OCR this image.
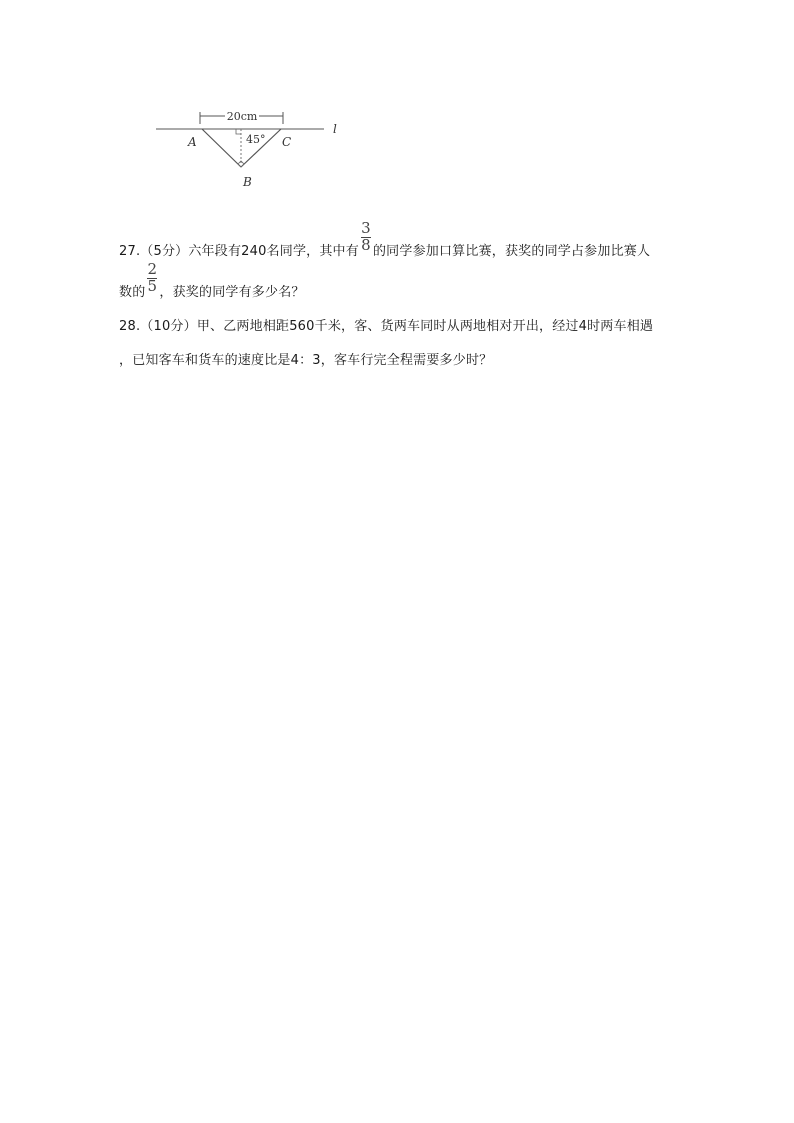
20cm
45°
A	C
B
l
27.（5分）六年段有240名同学，其中有 $\frac{3}{8}$ 的同学参加口算比赛，获奖的同学占参加比赛人
数的 $\frac{2}{5}$ ，获奖的同学有多少名？
28.（10分）甲、乙两地相距560千米，客、货两车同时从两地相对开出，经过4时两车相遇
，已知客车和货车的速度比是4：3，客车行完全程需要多少时？
